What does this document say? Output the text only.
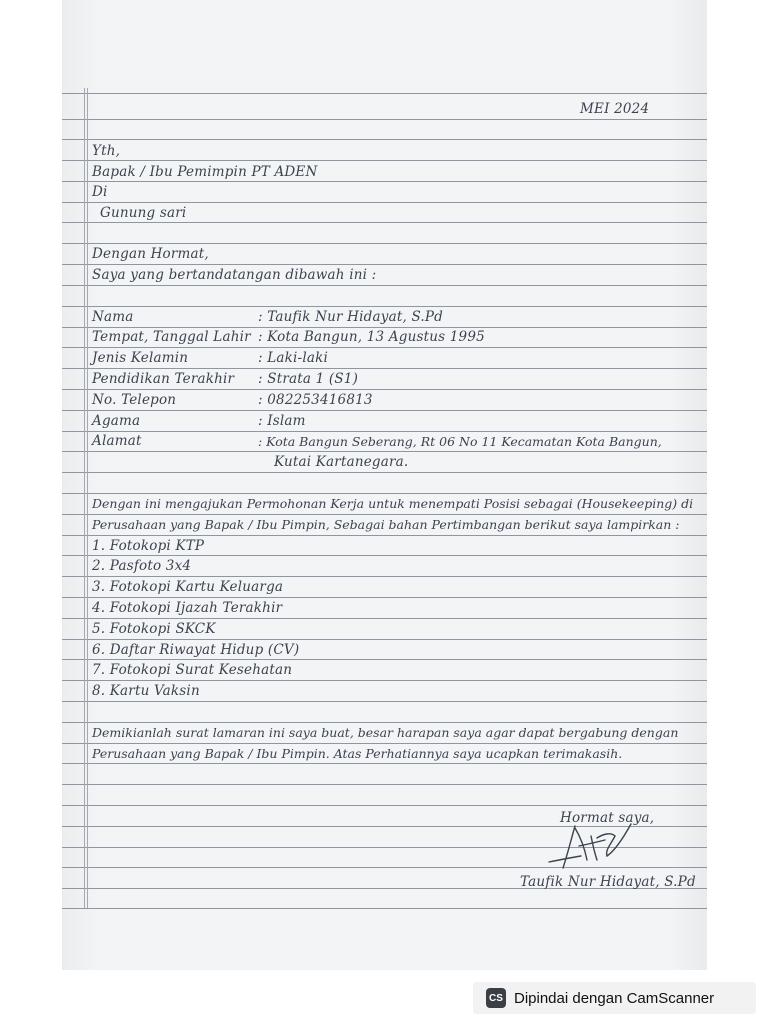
MEI 2024
Yth,
Bapak / Ibu Pemimpin PT ADEN
Di
Gunung sari
Dengan Hormat,
Saya yang bertandatangan dibawah ini :
Nama	: Taufik Nur Hidayat, S.Pd
Tempat, Tanggal Lahir : Kota Bangun, 13 Agustus 1995
Jenis Kelamin	: Laki-laki
Pendidikan Terakhir : Strata 1 (S1)
No. Telepon	: 082253416813
Agama	: Islam
Alamat	: Kota Bangun Seberang, Rt 06 No 11 Kecamatan Kota Bangun,
Kutai Kartanegara.
Dengan ini mengajukan Permohonan Kerja untuk menempati Posisi sebagai (Housekeeping) di
Perusahaan yang Bapak / Ibu Pimpin, Sebagai bahan Pertimbangan berikut saya lampirkan :
1. Fotokopi KTP
2. Pasfoto 3x4
3. Fotokopi Kartu Keluarga
4. Fotokopi Ijazah Terakhir
5. Fotokopi SKCK
6. Daftar Riwayat Hidup (CV)
7. Fotokopi Surat Kesehatan
8. Kartu Vaksin
Demikianlah surat lamaran ini saya buat, besar harapan saya agar dapat bergabung dengan
Perusahaan yang Bapak / Ibu Pimpin. Atas Perhatiannya saya ucapkan terimakasih.
Hormat saya,
Taufik Nur Hidayat, S.Pd
CS Dipindai dengan CamScanner
